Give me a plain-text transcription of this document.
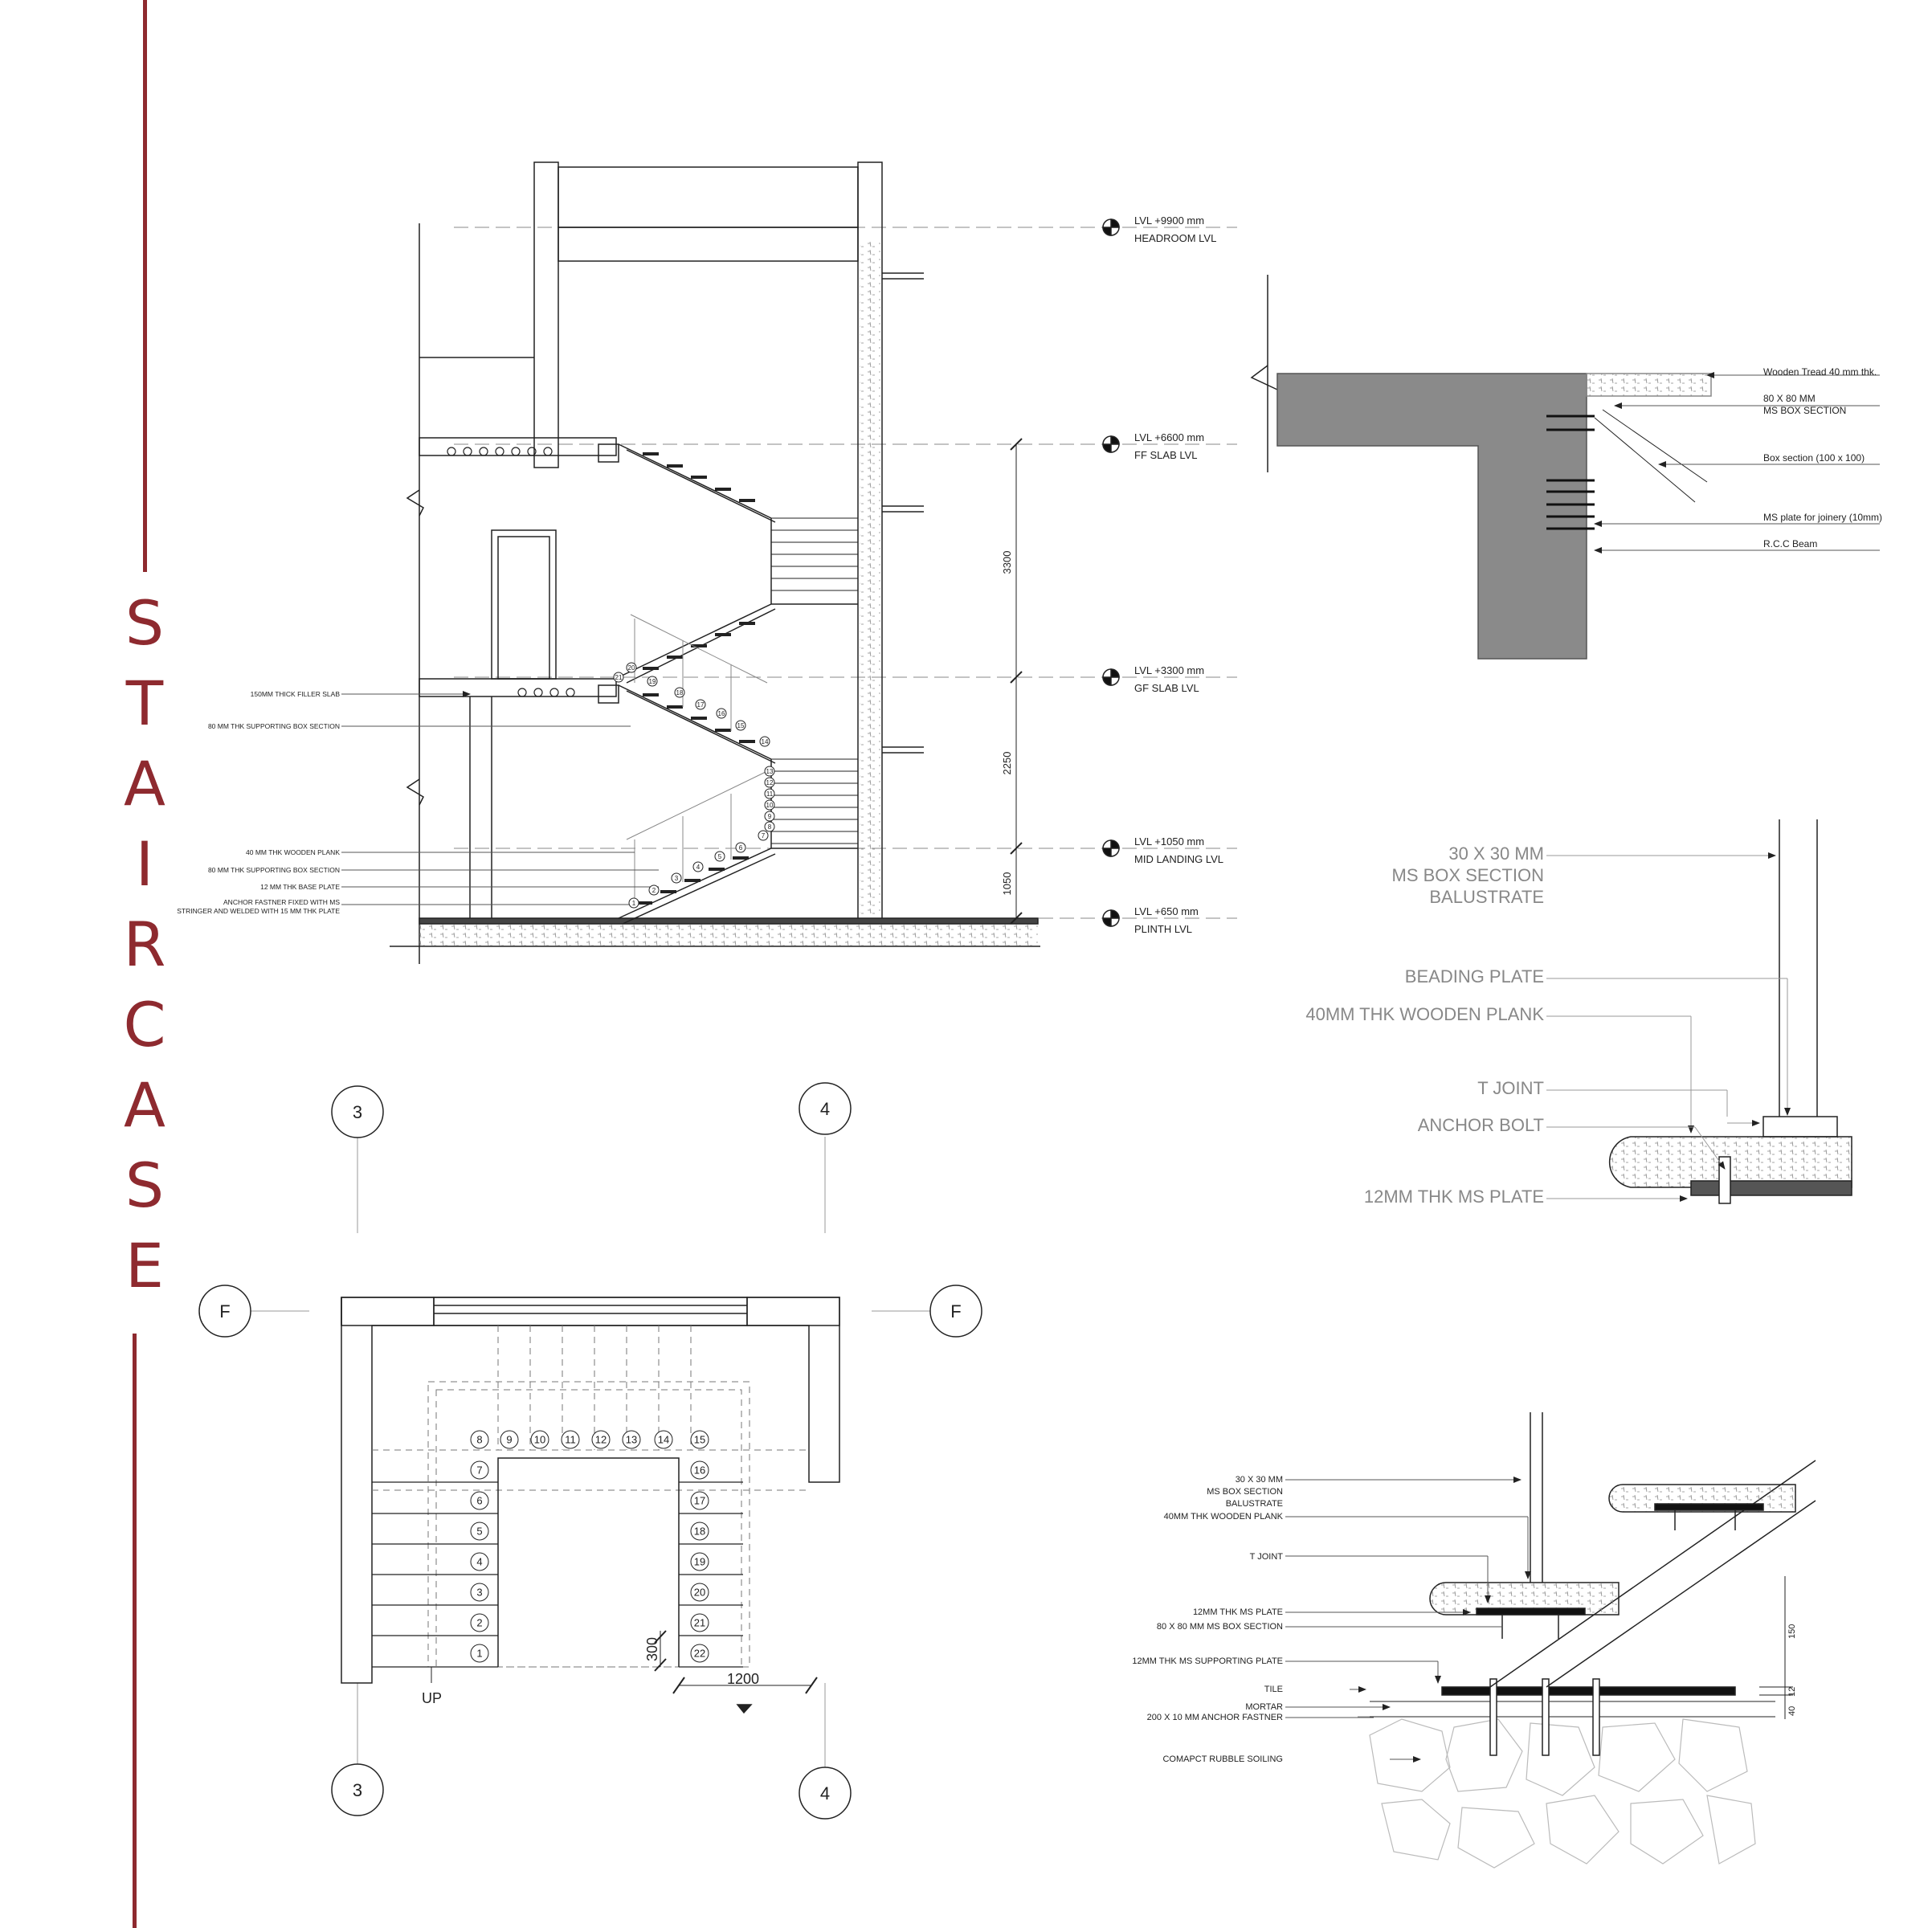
S
T
A
I
R
C
A
S
E
LVL +9900 mm
HEADROOM LVL
LVL +6600 mm
FF SLAB LVL
LVL +3300 mm
GF SLAB LVL
LVL +1050 mm
MID LANDING LVL
LVL +650 mm
PLINTH LVL
3300
2250
1050
150MM THICK FILLER SLAB
80 MM THK SUPPORTING BOX SECTION
40 MM THK WOODEN PLANK
80 MM THK SUPPORTING BOX SECTION
12 MM THK BASE PLATE
ANCHOR FASTNER FIXED WITH MS
STRINGER AND WELDED WITH 15 MM THK PLATE
1
2
3
4
5
6
7
8
9
10
11
12
13
14
15
16
17
18
19
20
21
Wooden Tread 40 mm thk.
80 X 80 MM
MS BOX SECTION
Box section (100 x 100)
MS plate for joinery (10mm)
R.C.C Beam
30 X 30 MM
MS BOX SECTION
BALUSTRATE
BEADING PLATE
40MM THK WOODEN PLANK
T JOINT
ANCHOR BOLT
12MM THK MS PLATE
3	4
F	F
3	4
UP
300
1200
8
7
6
5
4
3
2
1
9 10 11 12 13 14 15
16
17
18
19
20
21
22
30 X 30 MM
MS BOX SECTION
BALUSTRATE
40MM THK WOODEN PLANK
T JOINT
12MM THK MS PLATE
80 X 80 MM MS BOX SECTION
12MM THK MS SUPPORTING PLATE
TILE
MORTAR
200 X 10 MM ANCHOR FASTNER
COMAPCT RUBBLE SOILING
150
12
40
